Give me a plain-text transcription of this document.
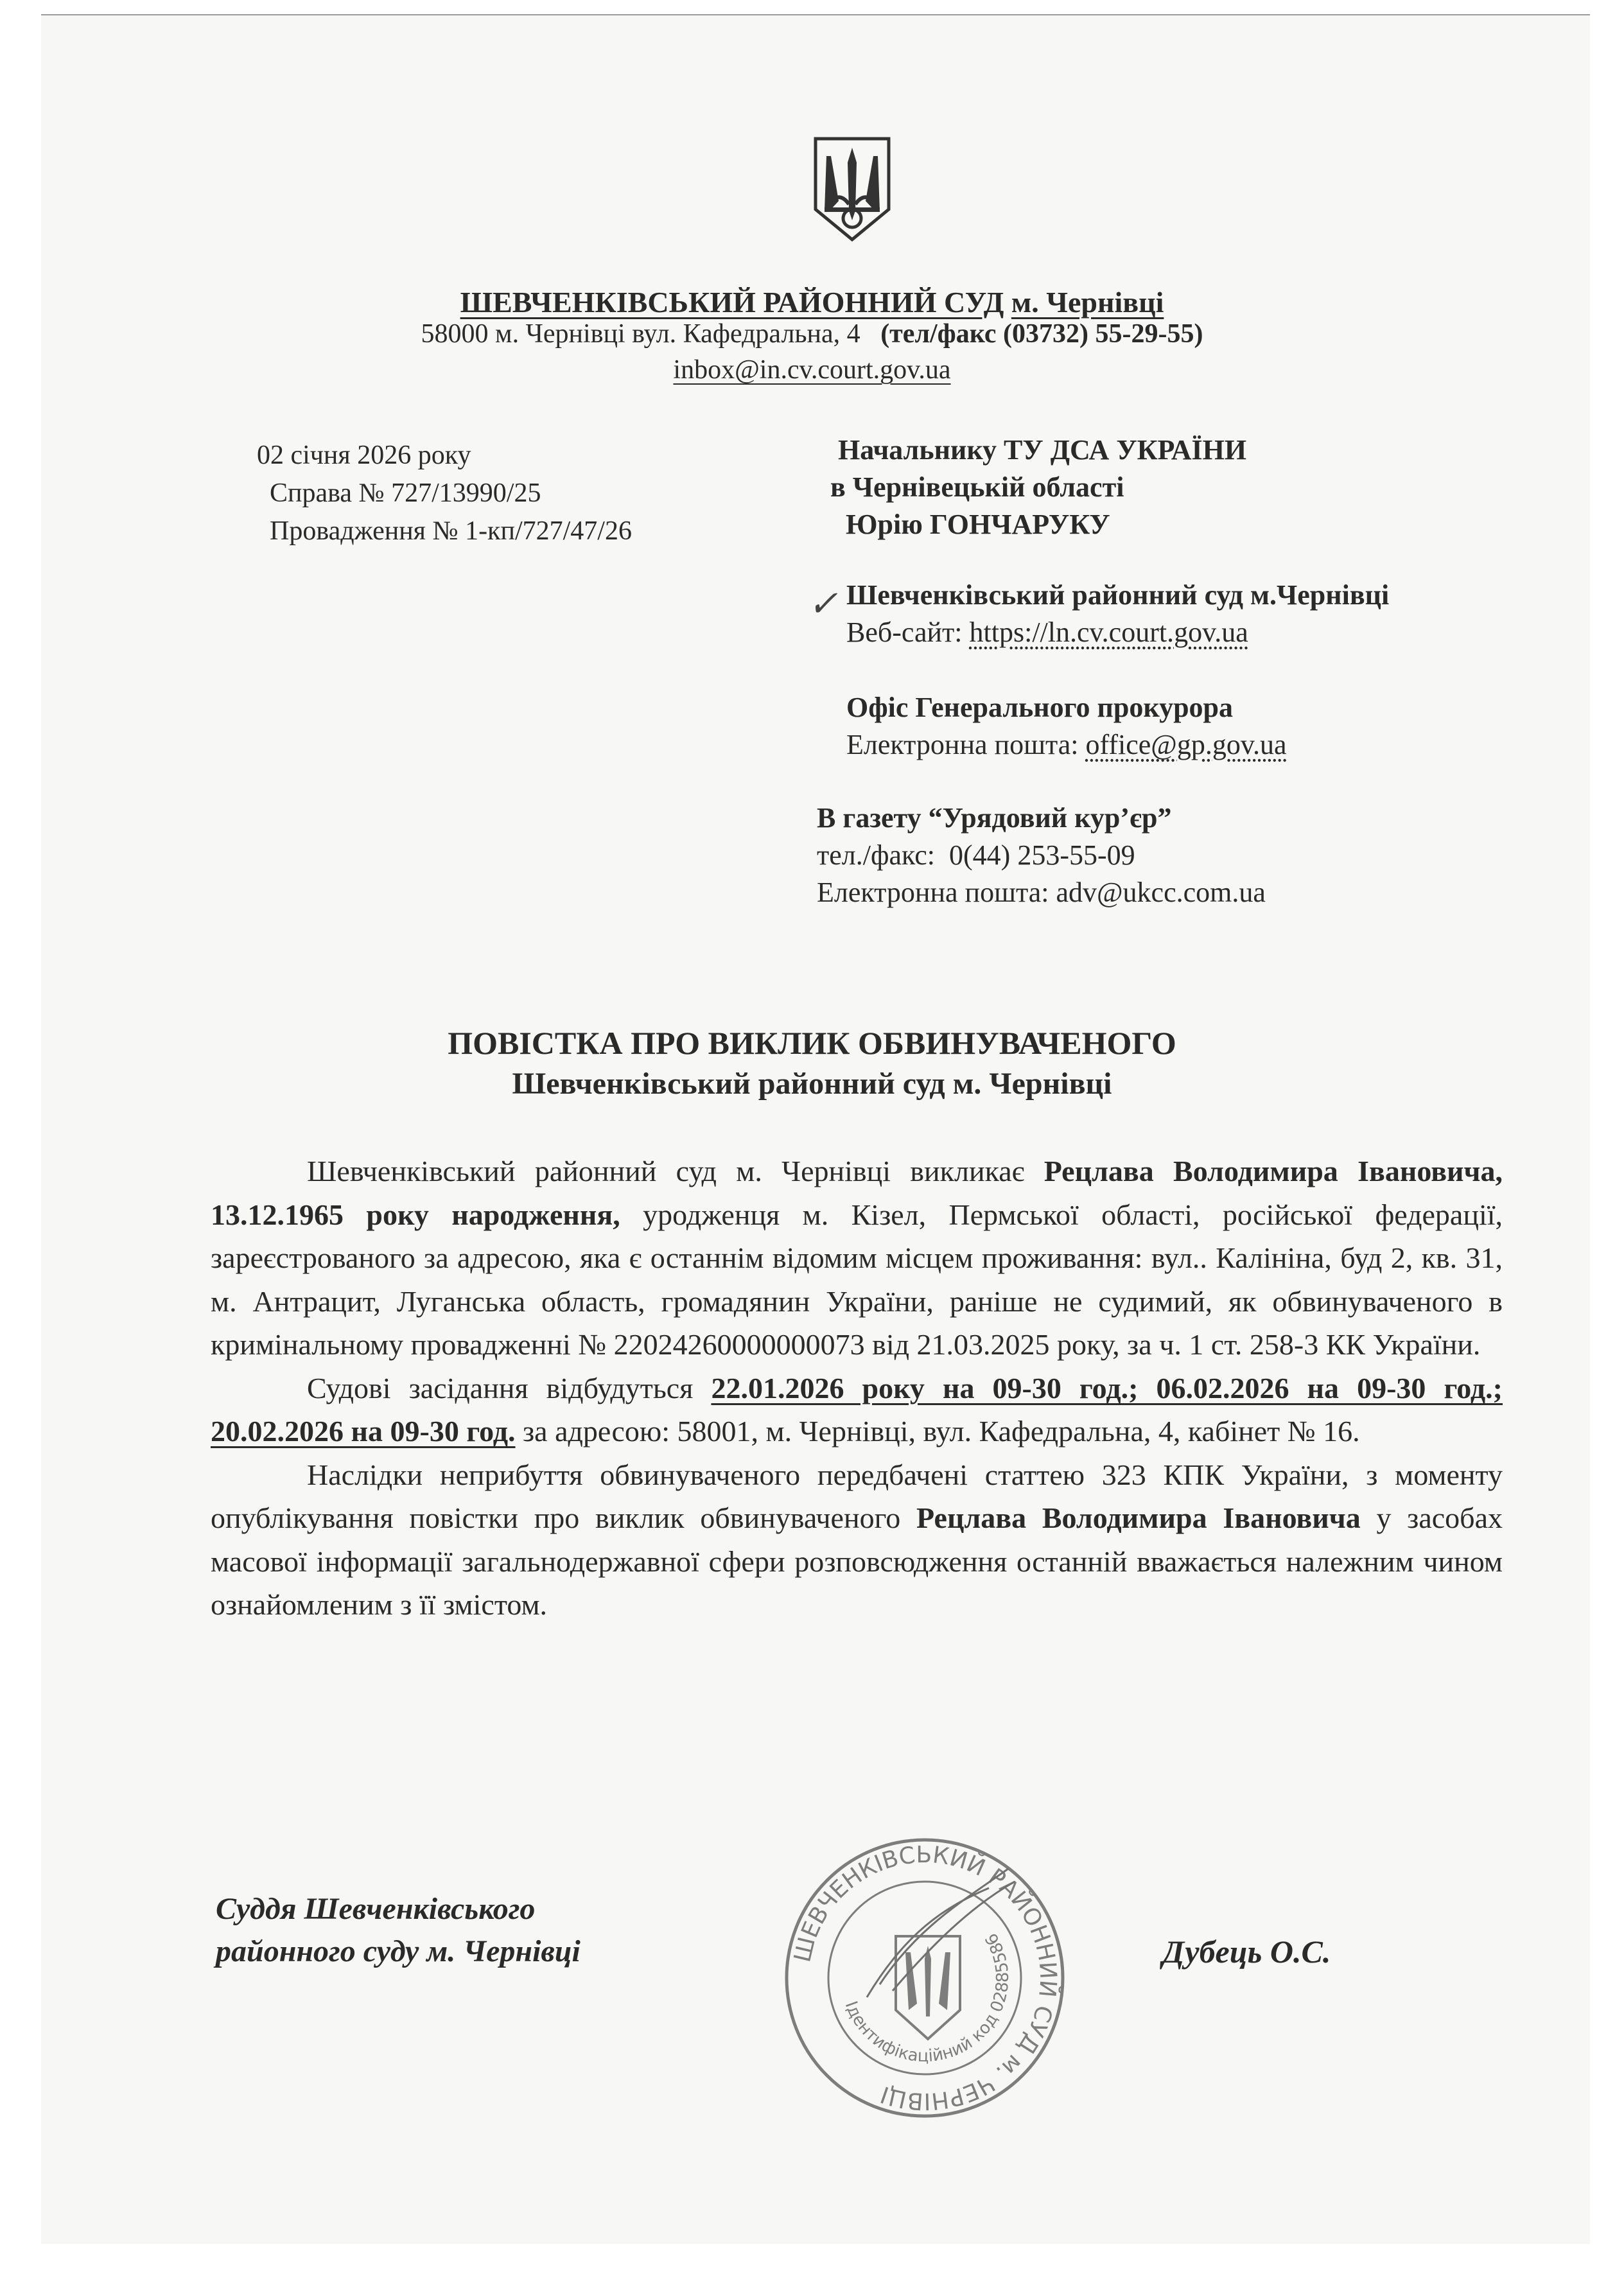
ШЕВЧЕНКІВСЬКИЙ РАЙОННИЙ СУД м. Чернівці
58000 м. Чернівці вул. Кафедральна, 4 (тел/факс (03732) 55-29-55)
inbox@in.cv.court.gov.ua
02 січня 2026 року
Справа № 727/13990/25
Провадження № 1-кп/727/47/26
Начальнику ТУ ДСА УКРАЇНИ
в Чернівецькій області
Юрію ГОНЧАРУКУ
✓ Шевченківський районний суд м.Чернівці
Веб-сайт: https://ln.cv.court.gov.ua
Офіс Генерального прокурора
Електронна пошта: office@gp.gov.ua
В газету “Урядовий кур’єр”
тел./факс: 0(44) 253-55-09
Електронна пошта: adv@ukcc.com.ua
ПОВІСТКА ПРО ВИКЛИК ОБВИНУВАЧЕНОГО
Шевченківський районний суд м. Чернівці

Шевченківський районний суд м. Чернівці викликає Рецлава Володимира Івановича, 13.12.1965 року народження, уродженця м. Кізел, Пермської області, російської федерації, зареєстрованого за адресою, яка є останнім відомим місцем проживання: вул.. Калініна, буд 2, кв. 31, м. Антрацит, Луганська область, громадянин України, раніше не судимий, як обвинуваченого в кримінальному провадженні № 22024260000000073 від 21.03.2025 року, за ч. 1 ст. 258-3 КК України.

Судові засідання відбудуться 22.01.2026 року на 09-30 год.; 06.02.2026 на 09-30 год.; 20.02.2026 на 09-30 год. за адресою: 58001, м. Чернівці, вул. Кафедральна, 4, кабінет № 16.

Наслідки неприбуття обвинуваченого передбачені статтею 323 КПК України, з моменту опублікування повістки про виклик обвинуваченого Рецлава Володимира Івановича у засобах масової інформації загальнодержавної сфери розповсюдження останній вважається належним чином ознайомленим з її змістом.

Суддя Шевченківського
районного суду м. Чернівці	ШЕВЧЕНКІВСЬКИЙ РАЙОННИЙ СУД м. ЧЕРНІВЦІ
Ідентифікаційний код 02885586	Дубець О.С.
